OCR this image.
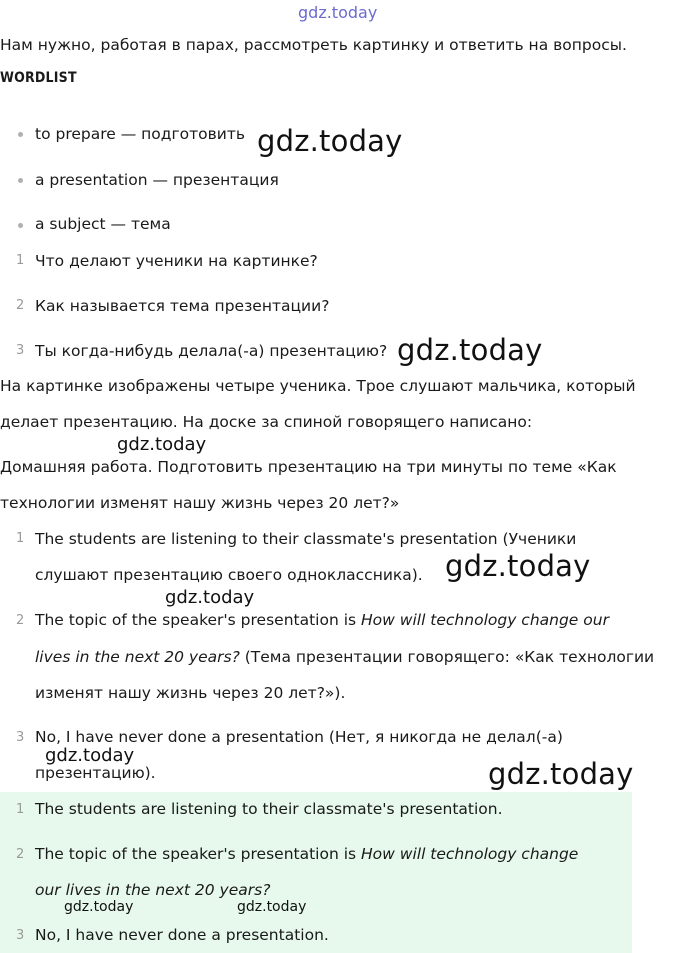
gdz.today
Нам нужно, работая в парах, рассмотреть картинку и ответить на вопросы.
WORDLIST
to prepare — подготовить gdz.today
a presentation — презентация
a subject — тема
1 Что делают ученики на картинке?
2 Как называется тема презентации?
3 Ты когда-нибудь делала(-а) презентацию? gdz.today
На картинке изображены четыре ученика. Трое слушают мальчика, который
делает презентацию. На доске за спиной говорящего написано:
gdz.today
Домашняя работа. Подготовить презентацию на три минуты по теме «Как
технологии изменят нашу жизнь через 20 лет?»
1 The students are listening to their classmate's presentation (Ученики
слушают презентацию своего одноклассника). gdz.today
gdz.today
2 The topic of the speaker's presentation is How will technology change our
lives in the next 20 years? (Тема презентации говорящего: «Как технологии
изменят нашу жизнь через 20 лет?»).
3 No, I have never done a presentation (Нет, я никогда не делал(-а)
gdz.today
презентацию).	gdz.today
1 The students are listening to their classmate's presentation.
2 The topic of the speaker's presentation is How will technology change
our lives in the next 20 years?
gdz.today	gdz.today
3 No, I have never done a presentation.
